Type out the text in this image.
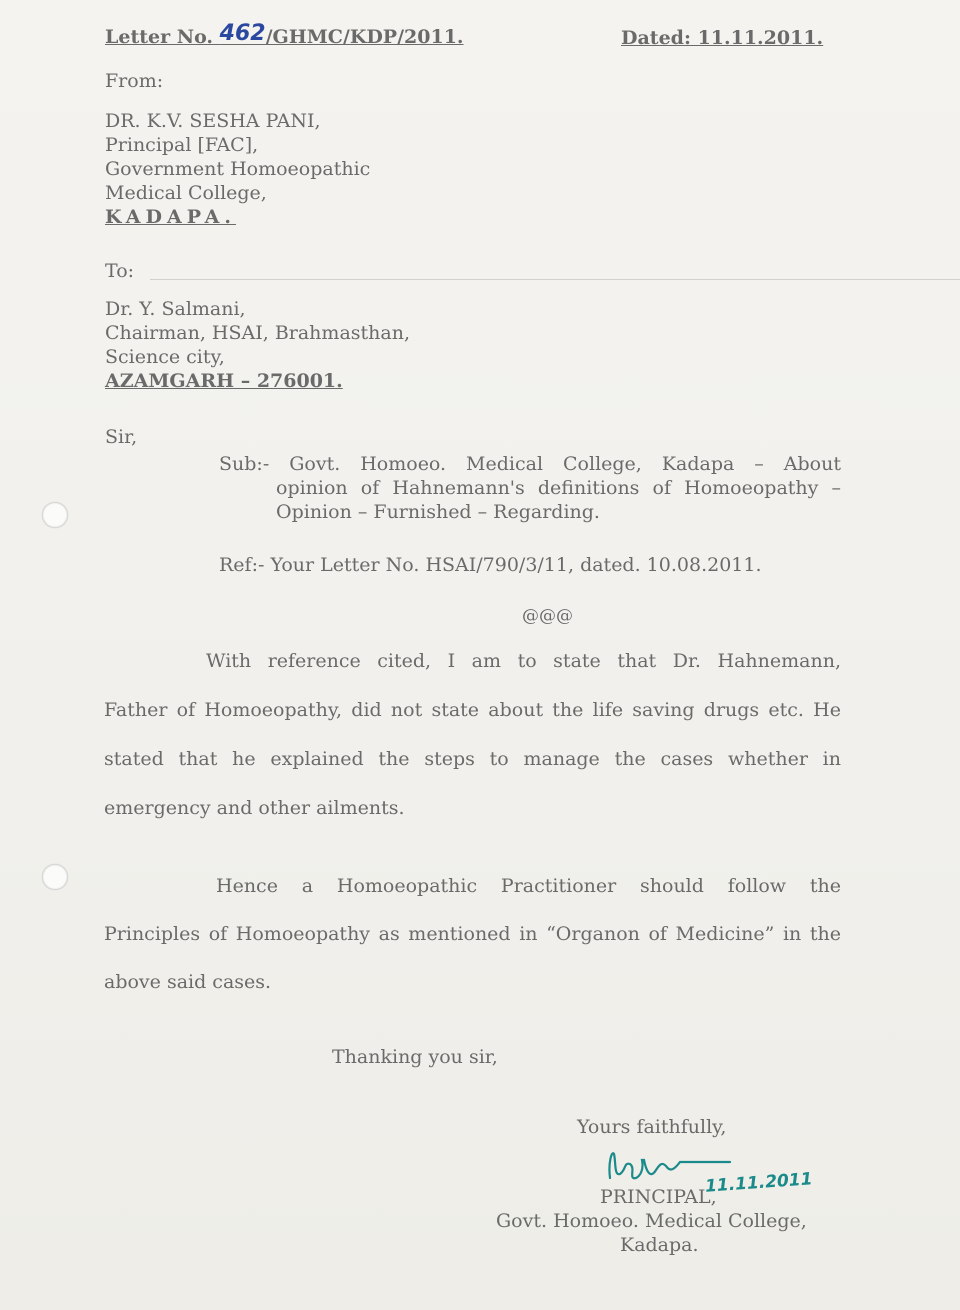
Letter No. 462/GHMC/KDP/2011.	Dated: 11.11.2011.
From:
DR. K.V. SESHA PANI,
Principal [FAC],
Government Homoeopathic
Medical College,
KADAPA.
To:
Dr. Y. Salmani,
Chairman, HSAI, Brahmasthan,
Science city,
AZAMGARH – 276001.
Sir,
Sub:- Govt. Homoeo. Medical College, Kadapa – About
opinion of Hahnemann's definitions of Homoeopathy –
Opinion – Furnished – Regarding.
Ref:- Your Letter No. HSAI/790/3/11, dated. 10.08.2011.
@@@
With reference cited, I am to state that Dr. Hahnemann,
Father of Homoeopathy, did not state about the life saving drugs etc. He
stated that he explained the steps to manage the cases whether in
emergency and other ailments.
Hence a Homoeopathic Practitioner should follow the
Principles of Homoeopathy as mentioned in “Organon of Medicine” in the
above said cases.
Thanking you sir,
Yours faithfully,
11.11.2011
PRINCIPAL,
Govt. Homoeo. Medical College,
Kadapa.
